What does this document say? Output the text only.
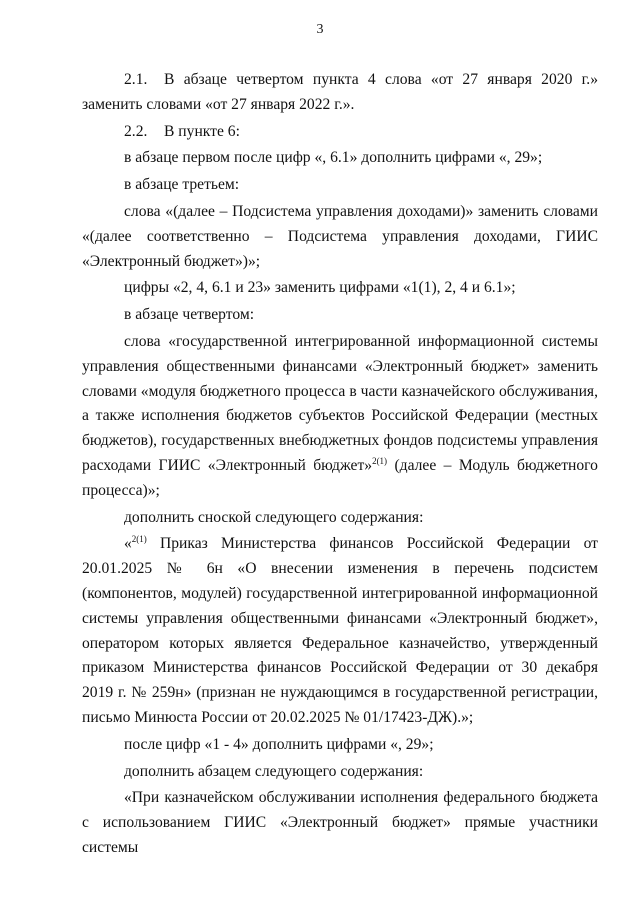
3

2.1. В абзаце четвертом пункта 4 слова «от 27 января 2020 г.» заменить словами «от 27 января 2022 г.».

2.2. В пункте 6:

в абзаце первом после цифр «, 6.1» дополнить цифрами «, 29»;

в абзаце третьем:

слова «(далее – Подсистема управления доходами)» заменить словами «(далее соответственно – Подсистема управления доходами, ГИИС «Электронный бюджет»)»;

цифры «2, 4, 6.1 и 23» заменить цифрами «1(1), 2, 4 и 6.1»;

в абзаце четвертом:

слова «государственной интегрированной информационной системы управления общественными финансами «Электронный бюджет» заменить словами «модуля бюджетного процесса в части казначейского обслуживания, а также исполнения бюджетов субъектов Российской Федерации (местных бюджетов), государственных внебюджетных фондов подсистемы управления расходами ГИИС «Электронный бюджет»$^{2(1)}$ (далее – Модуль бюджетного процесса)»;

дополнить сноской следующего содержания:

«$^{2(1)}$ Приказ Министерства финансов Российской Федерации от 20.01.2025 № 6н «О внесении изменения в перечень подсистем (компонентов, модулей) государственной интегрированной информационной системы управления общественными финансами «Электронный бюджет», оператором которых является Федеральное казначейство, утвержденный приказом Министерства финансов Российской Федерации от 30 декабря 2019 г. № 259н» (признан не нуждающимся в государственной регистрации, письмо Минюста России от 20.02.2025 № 01/17423-ДЖ).»;

после цифр «1 - 4» дополнить цифрами «, 29»;

дополнить абзацем следующего содержания:

«При казначейском обслуживании исполнения федерального бюджета с использованием ГИИС «Электронный бюджет» прямые участники системы
